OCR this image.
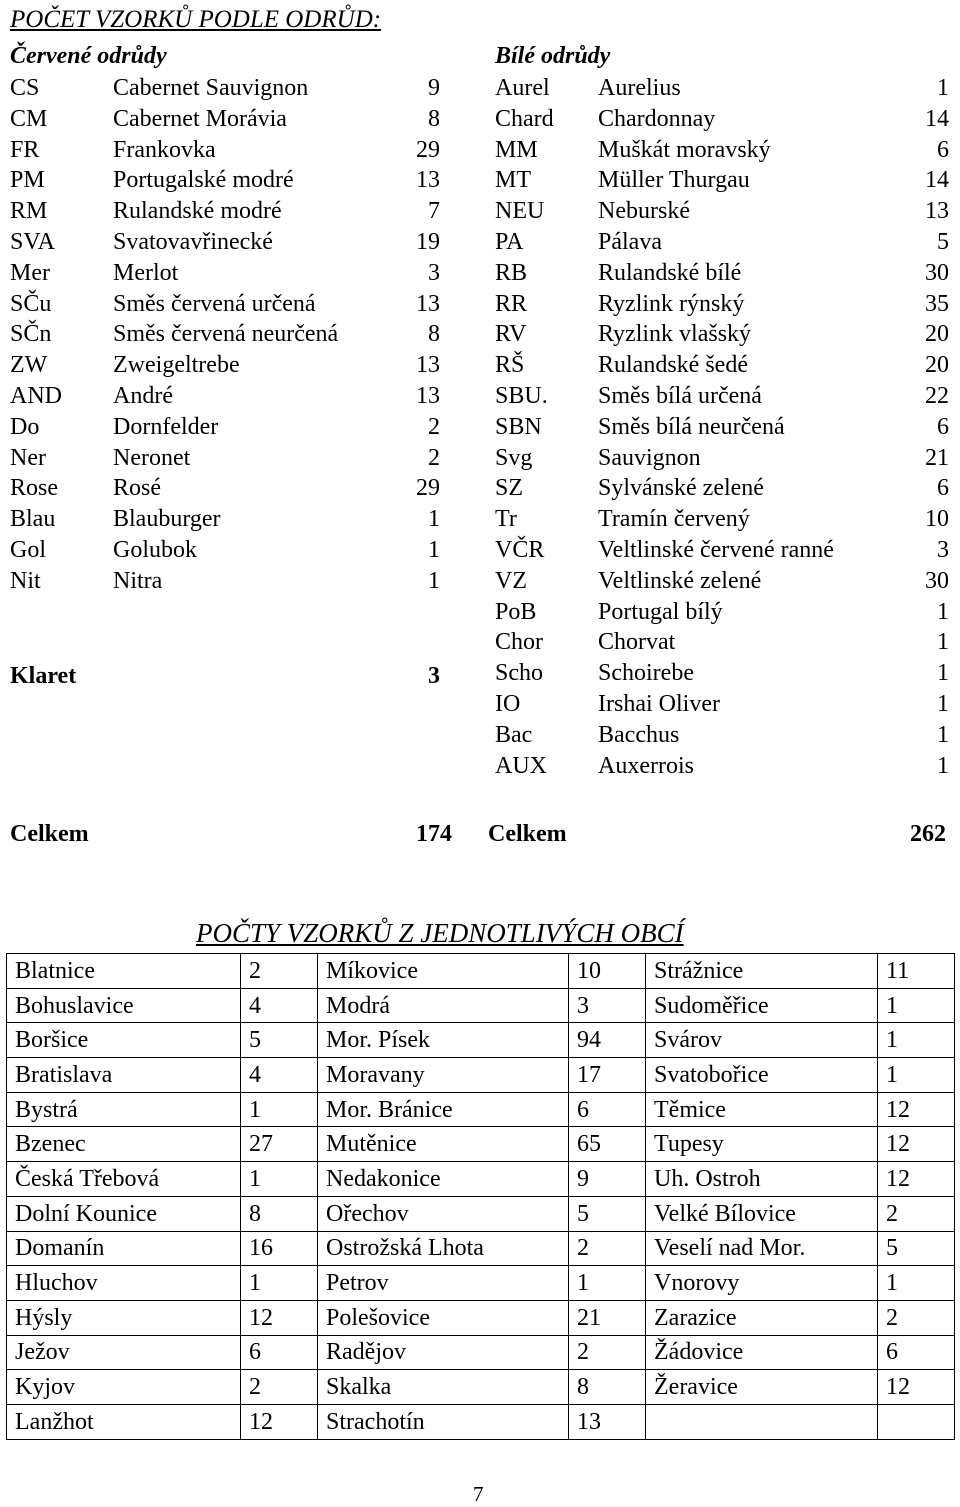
POČET VZORKŮ PODLE ODRŮD:
Červené odrůdy	Bílé odrůdy
CS	Cabernet Sauvignon	9
CM	Cabernet Morávia	8
FR	Frankovka	29
PM	Portugalské modré	13
RM	Rulandské modré	7
SVA Svatovavřinecké	19
Mer	Merlot	3
SČu	Směs červená určená	13
SČn	Směs červená neurčená	8
ZW	Zweigeltrebe	13
AND André	13
Do	Dornfelder	2
Ner	Neronet	2
Rose Rosé	29
Blau Blauburger	1
Gol	Golubok	1
Nit	Nitra	1
Aurel Aurelius	1
Chard Chardonnay	14
MM	Muškát moravský	6
MT	Müller Thurgau	14
NEU Neburské	13
PA	Pálava	5
RB	Rulandské bílé	30
RR	Ryzlink rýnský	35
RV	Ryzlink vlašský	20
RŠ	Rulandské šedé	20
SBU. Směs bílá určená	22
SBN Směs bílá neurčená	6
Svg	Sauvignon	21
SZ	Sylvánské zelené	6
Tr	Tramín červený	10
VČR Veltlinské červené ranné	3
VZ	Veltlinské zelené	30
PoB	Portugal bílý	1
Chor Chorvat	1
Scho Schoirebe	1
IO	Irshai Oliver	1
Bac	Bacchus	1
AUX Auxerrois	1
Klaret	3
Celkem	174 Celkem	262
POČTY VZORKŮ Z JEDNOTLIVÝCH OBCÍ
Blatnice	2	Míkovice	10	Strážnice	11
Bohuslavice	4	Modrá	3	Sudoměřice	1
Boršice	5	Mor. Písek	94	Svárov	1
Bratislava	4	Moravany	17	Svatobořice	1
Bystrá	1	Mor. Bránice	6	Těmice	12
Bzenec	27	Mutěnice	65	Tupesy	12
Česká Třebová	1	Nedakonice	9	Uh. Ostroh	12
Dolní Kounice	8	Ořechov	5	Velké Bílovice	2
Domanín	16	Ostrožská Lhota	2	Veselí nad Mor.	5
Hluchov	1	Petrov	1	Vnorovy	1
Hýsly	12	Polešovice	21	Zarazice	2
Ježov	6	Radějov	2	Žádovice	6
Kyjov	2	Skalka	8	Žeravice	12
Lanžhot	12	Strachotín	13		
7
